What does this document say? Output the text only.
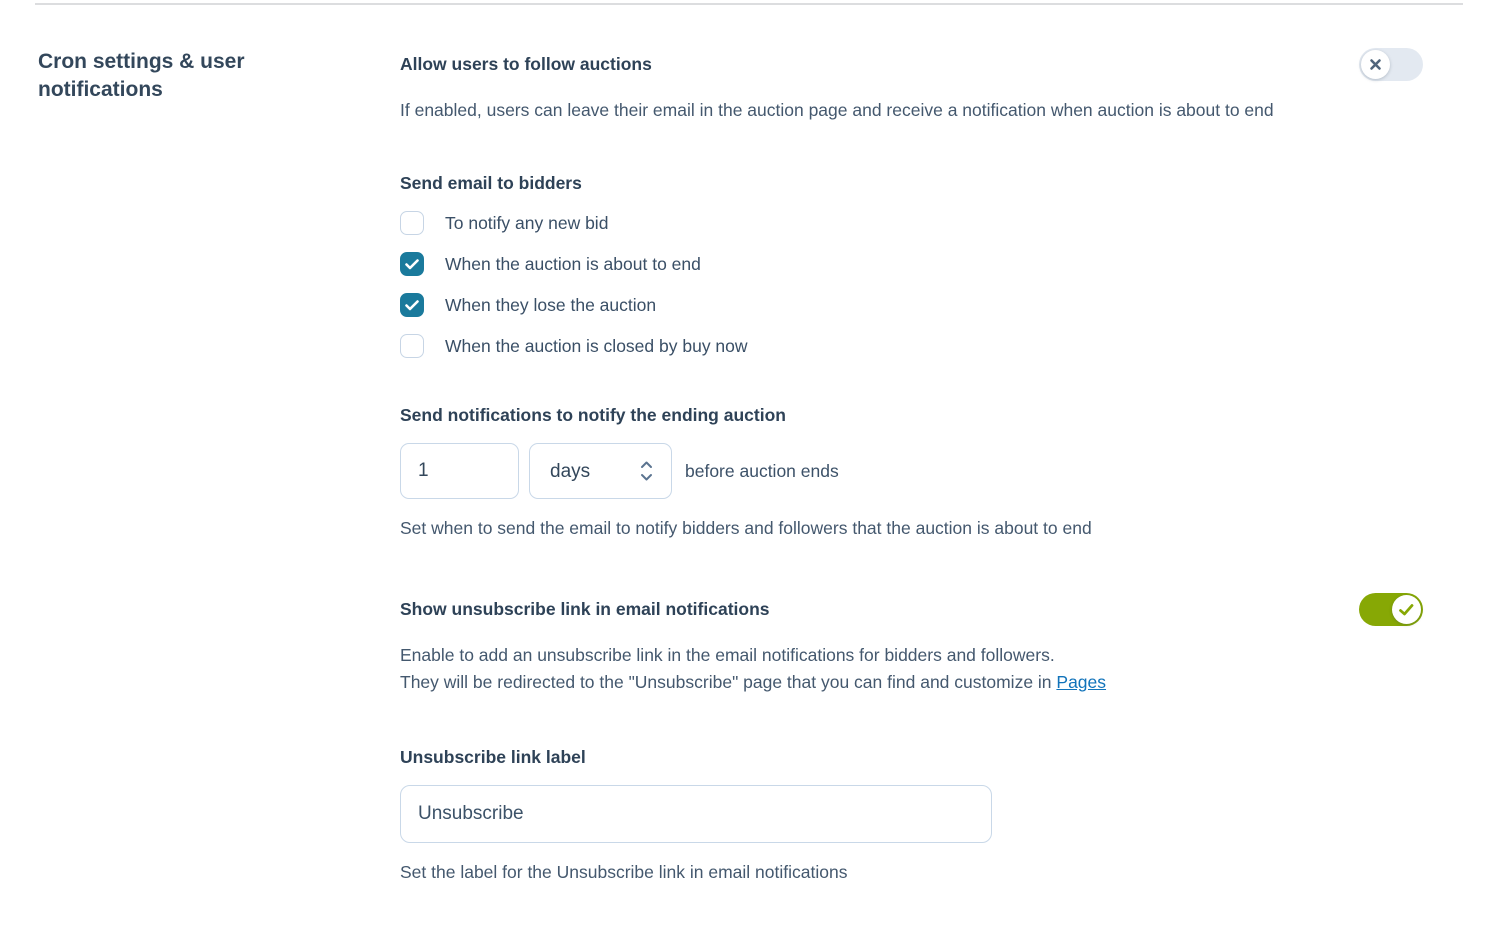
Cron settings & user notifications
Allow users to follow auctions
If enabled, users can leave their email in the auction page and receive a notification when auction is about to end
Send email to bidders
To notify any new bid
When the auction is about to end
When they lose the auction
When the auction is closed by buy now
Send notifications to notify the ending auction
1
days
before auction ends
Set when to send the email to notify bidders and followers that the auction is about to end
Show unsubscribe link in email notifications
Enable to add an unsubscribe link in the email notifications for bidders and followers.
They will be redirected to the "Unsubscribe" page that you can find and customize in Pages
Unsubscribe link label
Unsubscribe
Set the label for the Unsubscribe link in email notifications
